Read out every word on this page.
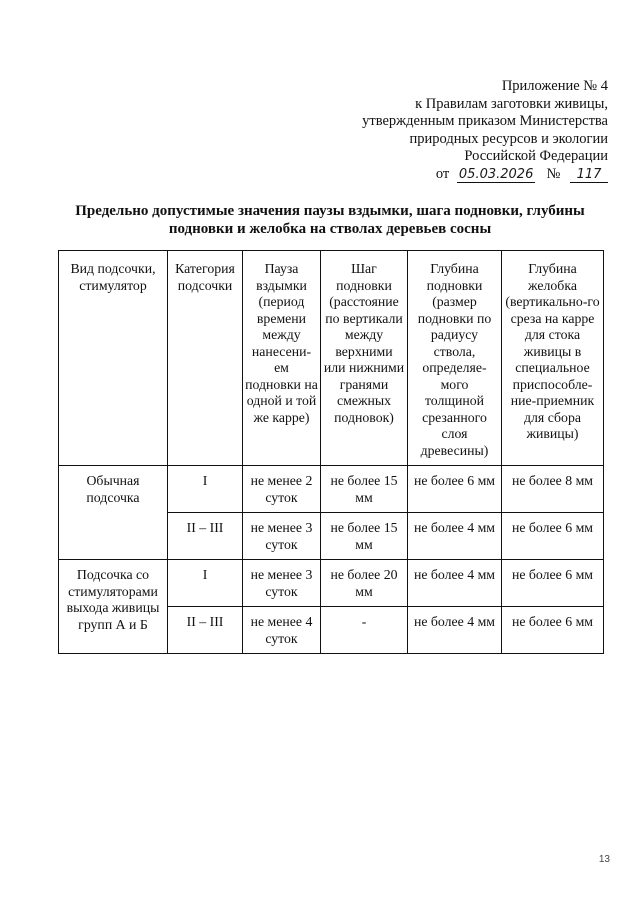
Приложение № 4
к Правилам заготовки живицы,
утвержденным приказом Министерства
природных ресурсов и экологии
Российской Федерации
от 05.03.2026 № 117
Предельно допустимые значения паузы вздымки, шага подновки, глубины подновки и желобка на стволах деревьев сосны
Вид подсочки, стимулятор	Категория подсочки	Пауза вздымки (период времени между нанесени-ем подновки на одной и той же карре)	Шаг подновки (расстояние по вертикали между верхними или нижними гранями смежных подновок)	Глубина подновки (размер подновки по радиусу ствола, определяе-мого толщиной срезанного слоя древесины)	Глубина желобка (вертикально-го среза на карре для стока живицы в специальное приспособле-ние-приемник для сбора живицы)
Обычная подсочка	I	не менее 2 суток	не более 15 мм	не более 6 мм	не более 8 мм
	II – III	не менее 3 суток	не более 15 мм	не более 4 мм	не более 6 мм
Подсочка со стимуляторами выхода живицы групп А и Б	I	не менее 3 суток	не более 20 мм	не более 4 мм	не более 6 мм
	II – III	не менее 4 суток	-	не более 4 мм	не более 6 мм
13
